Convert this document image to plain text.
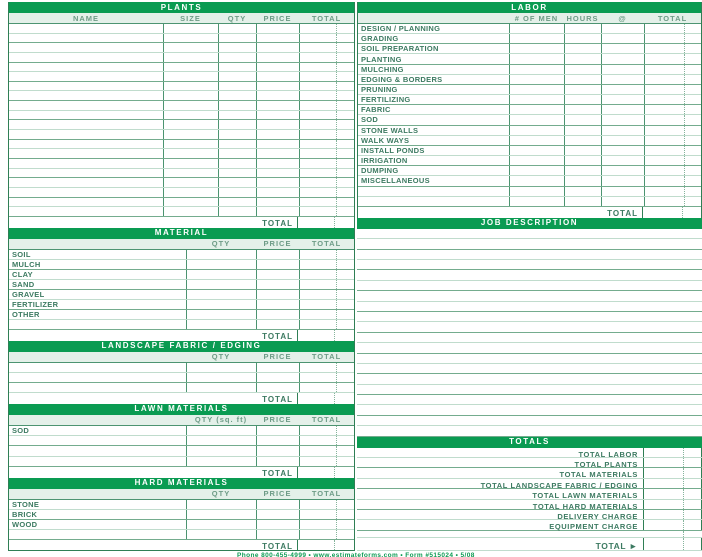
PLANTS
NAME	SIZE	QTY	PRICE	TOTAL
TOTAL
MATERIAL
QTY	PRICE	TOTAL
SOIL
MULCH
CLAY
SAND
GRAVEL
FERTILIZER
OTHER
TOTAL
LANDSCAPE FABRIC / EDGING
QTY	PRICE	TOTAL
TOTAL
LAWN MATERIALS
QTY (sq. ft)	PRICE	TOTAL
SOD
TOTAL
HARD MATERIALS
QTY	PRICE	TOTAL
STONE
BRICK
WOOD
TOTAL
LABOR
# OF MEN	HOURS	@	TOTAL
DESIGN / PLANNING
GRADING
SOIL PREPARATION
PLANTING
MULCHING
EDGING & BORDERS
PRUNING
FERTILIZING
FABRIC
SOD
STONE WALLS
WALK WAYS
INSTALL PONDS
IRRIGATION
DUMPING
MISCELLANEOUS
TOTAL
JOB DESCRIPTION
TOTALS
TOTAL LABOR
TOTAL PLANTS
TOTAL MATERIALS
TOTAL LANDSCAPE FABRIC / EDGING
TOTAL LAWN MATERIALS
TOTAL HARD MATERIALS
DELIVERY CHARGE
EQUIPMENT CHARGE
TOTAL ►
Phone 800-455-4999 • www.estimateforms.com • Form #515024 • 5/08
